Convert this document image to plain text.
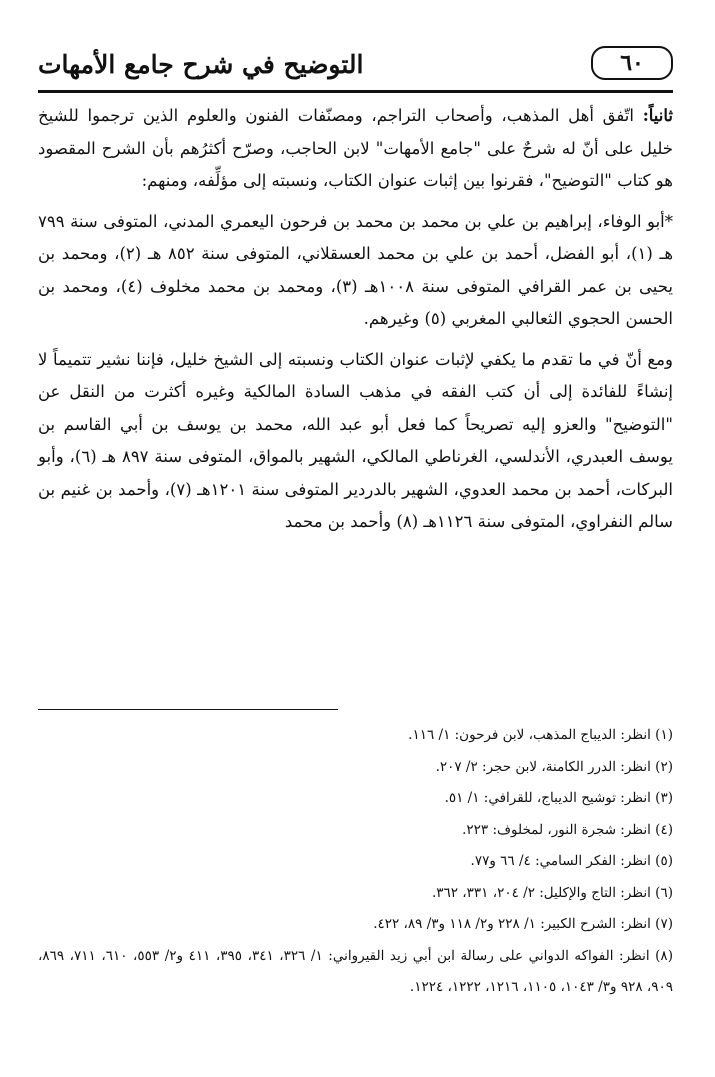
٦٠
التوضيح في شرح جامع الأمهات

ثانياً: اتّفق أهل المذهب، وأصحاب التراجم، ومصنّفات الفنون والعلوم الذين ترجموا للشيخ خليل على أنّ له شرحٌ على "جامع الأمهات" لابن الحاجب، وصرّح أكثرُهم بأن الشرح المقصود هو كتاب "التوضيح"، فقرنوا بين إثبات عنوان الكتاب، ونسبته إلى مؤلِّفه، ومنهم:

*أبو الوفاء، إبراهيم بن علي بن محمد بن محمد بن فرحون اليعمري المدني، المتوفى سنة ٧٩٩ هـ (١)، أبو الفضل، أحمد بن علي بن محمد العسقلاني، المتوفى سنة ٨٥٢ هـ (٢)، ومحمد بن يحيى بن عمر القرافي المتوفى سنة ١٠٠٨هـ (٣)، ومحمد بن محمد مخلوف (٤)، ومحمد بن الحسن الحجوي الثعالبي المغربي (٥) وغيرهم.

ومع أنّ في ما تقدم ما يكفي لإثبات عنوان الكتاب ونسبته إلى الشيخ خليل، فإننا نشير تتميماً لا إنشاءً للفائدة إلى أن كتب الفقه في مذهب السادة المالكية وغيره أكثرت من النقل عن "التوضيح" والعزو إليه تصريحاً كما فعل أبو عبد الله، محمد بن يوسف بن أبي القاسم بن يوسف العبدري، الأندلسي، الغرناطي المالكي، الشهير بالمواق، المتوفى سنة ٨٩٧ هـ (٦)، وأبو البركات، أحمد بن محمد العدوي، الشهير بالدردير المتوفى سنة ١٢٠١هـ (٧)، وأحمد بن غنيم بن سالم النفراوي، المتوفى سنة ١١٢٦هـ (٨) وأحمد بن محمد

(١) انظر: الديباج المذهب، لابن فرحون: ١/ ١١٦.

(٢) انظر: الدرر الكامنة، لابن حجر: ٢/ ٢٠٧.

(٣) انظر: توشيح الديباج، للقرافي: ١/ ٥١.

(٤) انظر: شجرة النور، لمخلوف: ٢٢٣.

(٥) انظر: الفكر السامي: ٤/ ٦٦ و٧٧.

(٦) انظر: التاج والإكليل: ٢/ ٢٠٤، ٣٣١، ٣٦٢.

(٧) انظر: الشرح الكبير: ١/ ٢٢٨ و٢/ ١١٨ و٣/ ٨٩، ٤٢٢.

(٨) انظر: الفواكه الدواني على رسالة ابن أبي زيد القيرواني: ١/ ٣٢٦، ٣٤١، ٣٩٥، ٤١١ و٢/ ٥٥٣، ٦١٠، ٧١١، ٨٦٩، ٩٠٩، ٩٢٨ و٣/ ١٠٤٣، ١١٠٥، ١٢١٦، ١٢٢٢، ١٢٢٤.
